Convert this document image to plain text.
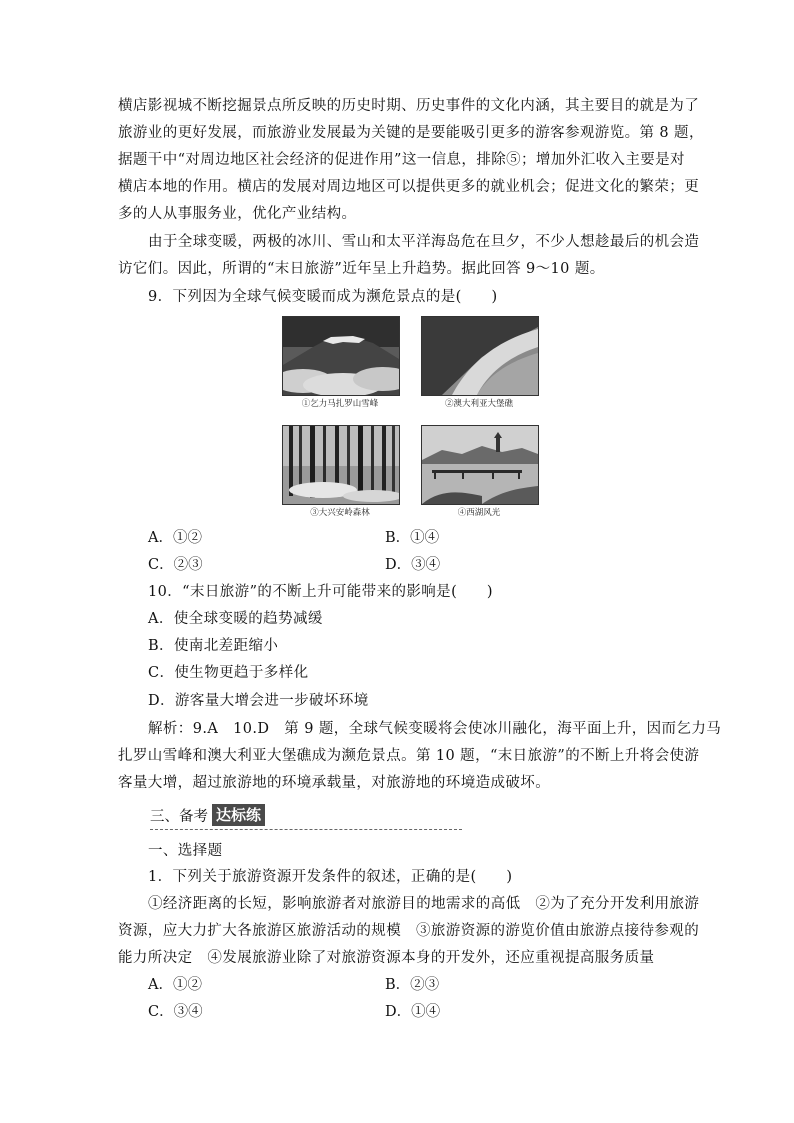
横店影视城不断挖掘景点所反映的历史时期、历史事件的文化内涵，其主要目的就是为了
旅游业的更好发展，而旅游业发展最为关键的是要能吸引更多的游客参观游览。第 8 题，
据题干中“对周边地区社会经济的促进作用”这一信息，排除⑤；增加外汇收入主要是对
横店本地的作用。横店的发展对周边地区可以提供更多的就业机会；促进文化的繁荣；更
多的人从事服务业，优化产业结构。
由于全球变暖，两极的冰川、雪山和太平洋海岛危在旦夕，不少人想趁最后的机会造
访它们。因此，所谓的“末日旅游”近年呈上升趋势。据此回答 9～10 题。
9．下列因为全球气候变暖而成为濒危景点的是(　　)
①乞力马扎罗山雪峰	②澳大利亚大堡礁
③大兴安岭森林	④西湖风光
A．①②	B．①④
C．②③	D．③④
10．“末日旅游”的不断上升可能带来的影响是(　　)
A．使全球变暖的趋势减缓
B．使南北差距缩小
C．使生物更趋于多样化
D．游客量大增会进一步破坏环境
解析：9.A　10.D　第 9 题，全球气候变暖将会使冰川融化，海平面上升，因而乞力马
扎罗山雪峰和澳大利亚大堡礁成为濒危景点。第 10 题，“末日旅游”的不断上升将会使游
客量大增，超过旅游地的环境承载量，对旅游地的环境造成破坏。
三、备考 达标练
一、选择题
1．下列关于旅游资源开发条件的叙述，正确的是(　　)
①经济距离的长短，影响旅游者对旅游目的地需求的高低　②为了充分开发利用旅游
资源，应大力扩大各旅游区旅游活动的规模　③旅游资源的游览价值由旅游点接待参观的
能力所决定　④发展旅游业除了对旅游资源本身的开发外，还应重视提高服务质量
A．①②	B．②③
C．③④	D．①④
